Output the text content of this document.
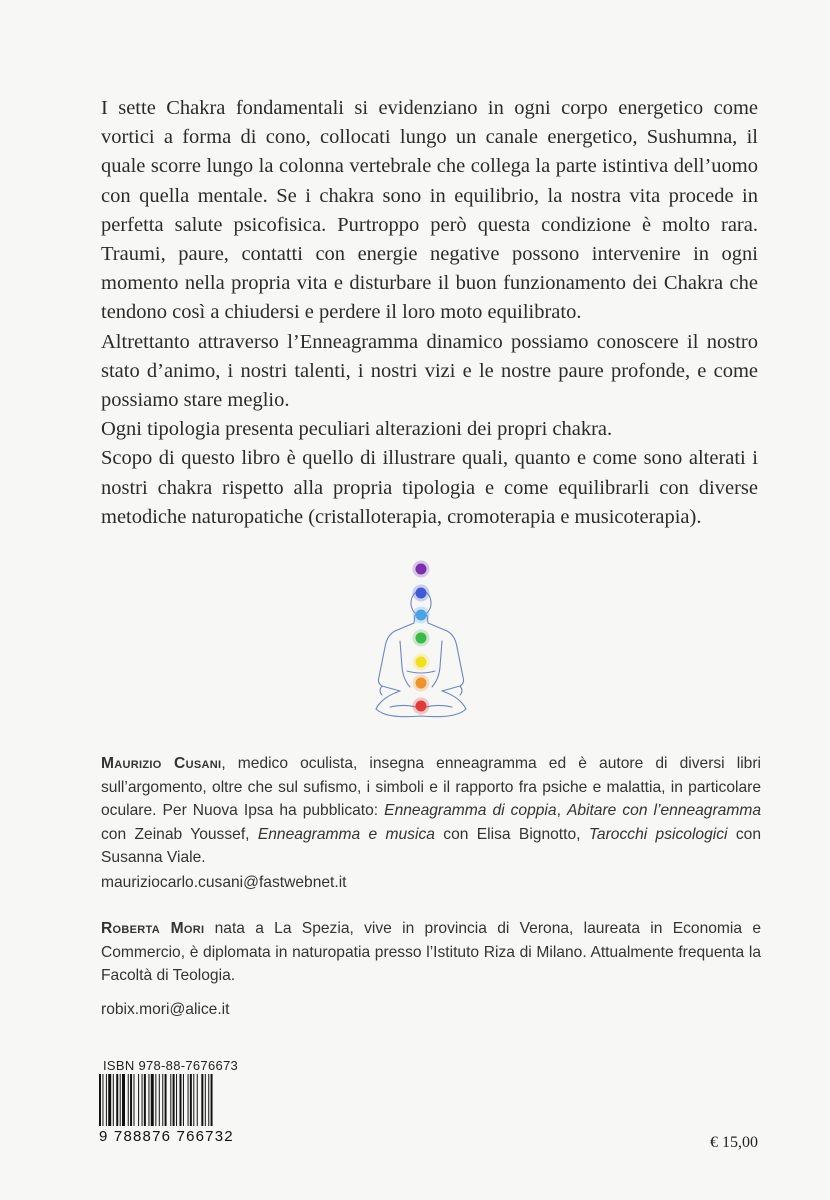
I sette Chakra fondamentali si evidenziano in ogni corpo energetico come vortici a forma di cono, collocati lungo un canale energetico, Sushumna, il quale scorre lungo la colonna vertebrale che collega la parte istintiva dell’uomo con quella mentale. Se i chakra sono in equilibrio, la nostra vita procede in perfetta salute psicofisica. Purtroppo però questa condizione è molto rara. Traumi, paure, contatti con energie negative possono intervenire in ogni momento nella propria vita e disturbare il buon funzionamento dei Chakra che tendono così a chiudersi e perdere il loro moto equilibrato.

Altrettanto attraverso l’Enneagramma dinamico possiamo conoscere il nostro stato d’animo, i nostri talenti, i nostri vizi e le nostre paure profonde, e come possiamo stare meglio.

Ogni tipologia presenta peculiari alterazioni dei propri chakra.

Scopo di questo libro è quello di illustrare quali, quanto e come sono alterati i nostri chakra rispetto alla propria tipologia e come equilibrarli con diverse metodiche naturopatiche (cristalloterapia, cromoterapia e musicoterapia).

Maurizio Cusani, medico oculista, insegna enneagramma ed è autore di diversi libri sull’argomento, oltre che sul sufismo, i simboli e il rapporto fra psiche e malattia, in particolare oculare. Per Nuova Ipsa ha pubblicato: Enneagramma di coppia, Abitare con l’enneagramma con Zeinab Youssef, Enneagramma e musica con Elisa Bignotto, Tarocchi psicologici con Susanna Viale.

maurizio​carlo.cusani@fastwebnet.it

Roberta Mori nata a La Spezia, vive in provincia di Verona, laureata in Economia e Commercio, è diplomata in naturopatia presso l’Istituto Riza di Milano. Attualmente frequenta la Facoltà di Teologia.

robix.mori@alice.it
ISBN 978-88-7676673
9 788876 766732	€ 15,00
